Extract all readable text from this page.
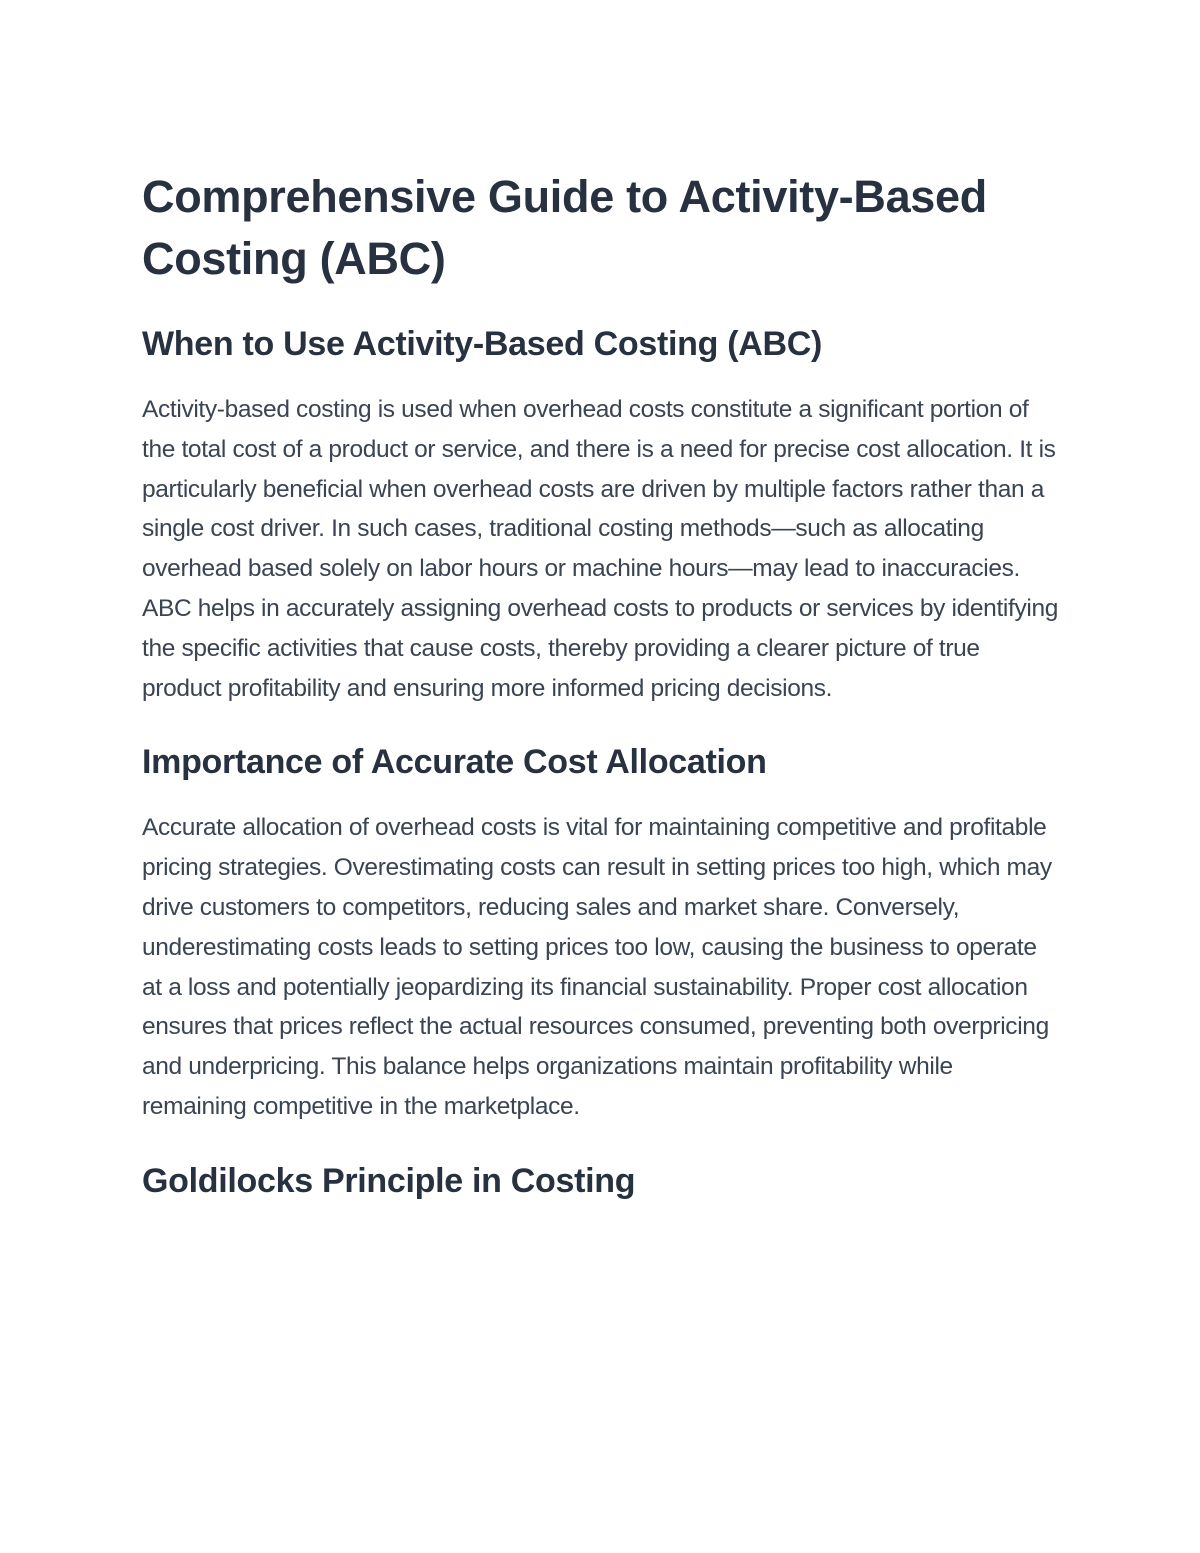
Comprehensive Guide to Activity-Based Costing (ABC)
When to Use Activity-Based Costing (ABC)

Activity-based costing is used when overhead costs constitute a significant portion of the total cost of a product or service, and there is a need for precise cost allocation. It is particularly beneficial when overhead costs are driven by multiple factors rather than a single cost driver. In such cases, traditional costing methods—such as allocating overhead based solely on labor hours or machine hours—may lead to inaccuracies. ABC helps in accurately assigning overhead costs to products or services by identifying the specific activities that cause costs, thereby providing a clearer picture of true product profitability and ensuring more informed pricing decisions.

Importance of Accurate Cost Allocation

Accurate allocation of overhead costs is vital for maintaining competitive and profitable pricing strategies. Overestimating costs can result in setting prices too high, which may drive customers to competitors, reducing sales and market share. Conversely, underestimating costs leads to setting prices too low, causing the business to operate at a loss and potentially jeopardizing its financial sustainability. Proper cost allocation ensures that prices reflect the actual resources consumed, preventing both overpricing and underpricing. This balance helps organizations maintain profitability while remaining competitive in the marketplace.

Goldilocks Principle in Costing
